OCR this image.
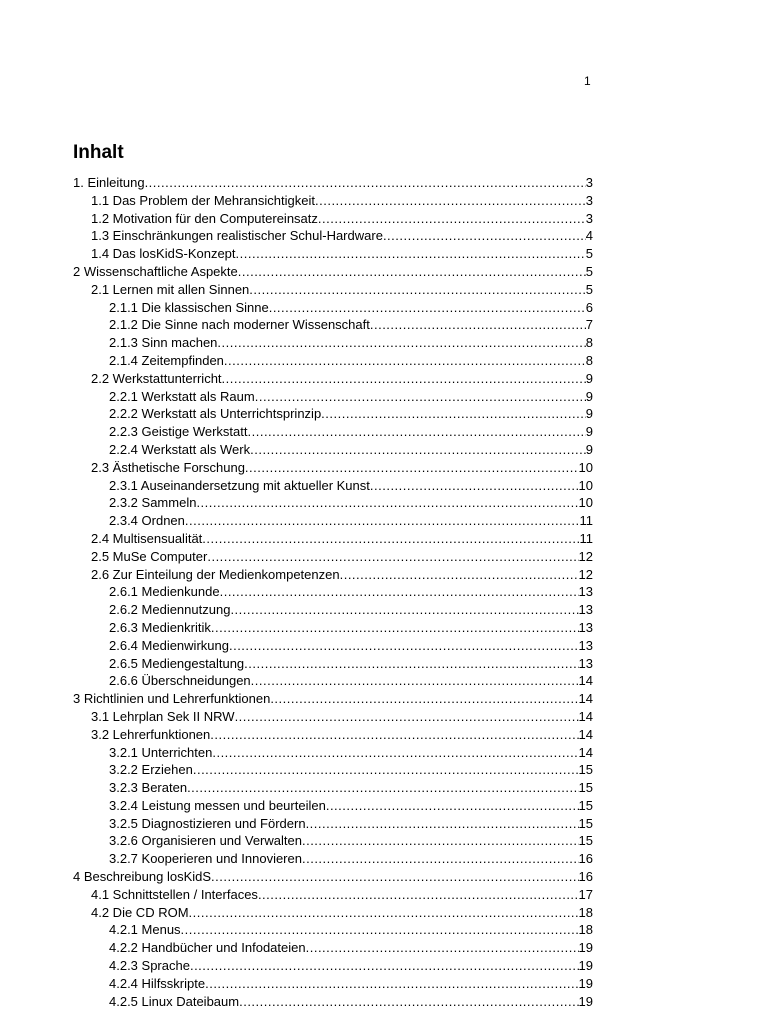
1
Inhalt
1. Einleitung .....	3
1.1 Das Problem der Mehransichtigkeit .....	3
1.2 Motivation für den Computereinsatz .....	3
1.3 Einschränkungen realistischer Schul-Hardware .....	4
1.4 Das losKidS-Konzept .....	5
2 Wissenschaftliche Aspekte .....	5
2.1 Lernen mit allen Sinnen .....	5
2.1.1 Die klassischen Sinne .....	6
2.1.2 Die Sinne nach moderner Wissenschaft .....	7
2.1.3 Sinn machen .....	8
2.1.4 Zeitempfinden .....	8
2.2 Werkstattunterricht .....	9
2.2.1 Werkstatt als Raum .....	9
2.2.2 Werkstatt als Unterrichtsprinzip .....	9
2.2.3 Geistige Werkstatt .....	9
2.2.4 Werkstatt als Werk .....	9
2.3 Ästhetische Forschung .....	10
2.3.1 Auseinandersetzung mit aktueller Kunst .....	10
2.3.2 Sammeln .....	10
2.3.4 Ordnen .....	11
2.4 Multisensualität .....	11
2.5 MuSe Computer .....	12
2.6 Zur Einteilung der Medienkompetenzen .....	12
2.6.1 Medienkunde .....	13
2.6.2 Mediennutzung .....	13
2.6.3 Medienkritik .....	13
2.6.4 Medienwirkung .....	13
2.6.5 Mediengestaltung .....	13
2.6.6 Überschneidungen .....	14
3 Richtlinien und Lehrerfunktionen .....	14
3.1 Lehrplan Sek II NRW .....	14
3.2 Lehrerfunktionen .....	14
3.2.1 Unterrichten .....	14
3.2.2 Erziehen .....	15
3.2.3 Beraten .....	15
3.2.4 Leistung messen und beurteilen .....	15
3.2.5 Diagnostizieren und Fördern .....	15
3.2.6 Organisieren und Verwalten .....	15
3.2.7 Kooperieren und Innovieren .....	16
4 Beschreibung losKidS .....	16
4.1 Schnittstellen / Interfaces .....	17
4.2 Die CD ROM .....	18
4.2.1 Menus .....	18
4.2.2 Handbücher und Infodateien .....	19
4.2.3 Sprache .....	19
4.2.4 Hilfsskripte .....	19
4.2.5 Linux Dateibaum .....	19
